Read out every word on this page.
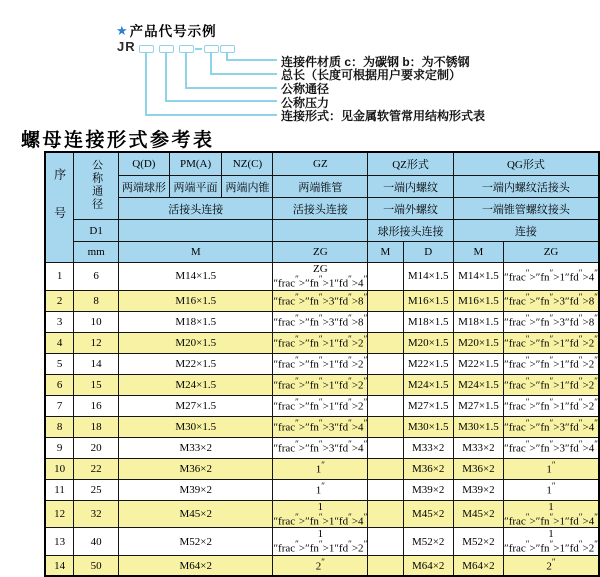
★ 产品代号示例
JR
连接件材质 c：为碳钢 b：为不锈钢
总长（长度可根据用户要求定制）
公称通径
公称压力
连接形式：见金属软管常用结构形式表
螺母连接形式参考表
序号	公称通径	Q(D)	PM(A)	NZ(C)	GZ	QZ形式		QG形式	
		两端球形	两端平面	两端内锥	两端锥管	一端内螺纹		一端内螺纹活接头	
		活接头连接			活接头连接	一端外螺纹		一端锥管螺纹接头	
	D1					球形接头连接		连接	
	mm	M			ZG	M	D	M	ZG
1	6	M14×1.5			ZG ″frac″>″fn″>1″fd″>4″		M14×1.5	M14×1.5	″frac″>″fn″>1″fd″>4″
2	8	M16×1.5			″frac″>″fn″>3″fd″>8″		M16×1.5	M16×1.5	″frac″>″fn″>3″fd″>8″
3	10	M18×1.5			″frac″>″fn″>3″fd″>8″		M18×1.5	M18×1.5	″frac″>″fn″>3″fd″>8″
4	12	M20×1.5			″frac″>″fn″>1″fd″>2″		M20×1.5	M20×1.5	″frac″>″fn″>1″fd″>2″
5	14	M22×1.5			″frac″>″fn″>1″fd″>2″		M22×1.5	M22×1.5	″frac″>″fn″>1″fd″>2″
6	15	M24×1.5			″frac″>″fn″>1″fd″>2″		M24×1.5	M24×1.5	″frac″>″fn″>1″fd″>2″
7	16	M27×1.5			″frac″>″fn″>1″fd″>2″		M27×1.5	M27×1.5	″frac″>″fn″>1″fd″>2″
8	18	M30×1.5			″frac″>″fn″>3″fd″>4″		M30×1.5	M30×1.5	″frac″>″fn″>3″fd″>4″
9	20	M33×2			″frac″>″fn″>3″fd″>4″		M33×2	M33×2	″frac″>″fn″>3″fd″>4″
10	22	M36×2			1″		M36×2	M36×2	1″
11	25	M39×2			1″		M39×2	M39×2	1″
12	32	M45×2			1 ″frac″>″fn″>1″fd″>4″		M45×2	M45×2	1 ″frac″>″fn″>1″fd″>4″
13	40	M52×2			1 ″frac″>″fn″>1″fd″>2″		M52×2	M52×2	1 ″frac″>″fn″>1″fd″>2″
14	50	M64×2			2″		M64×2	M64×2	2″
